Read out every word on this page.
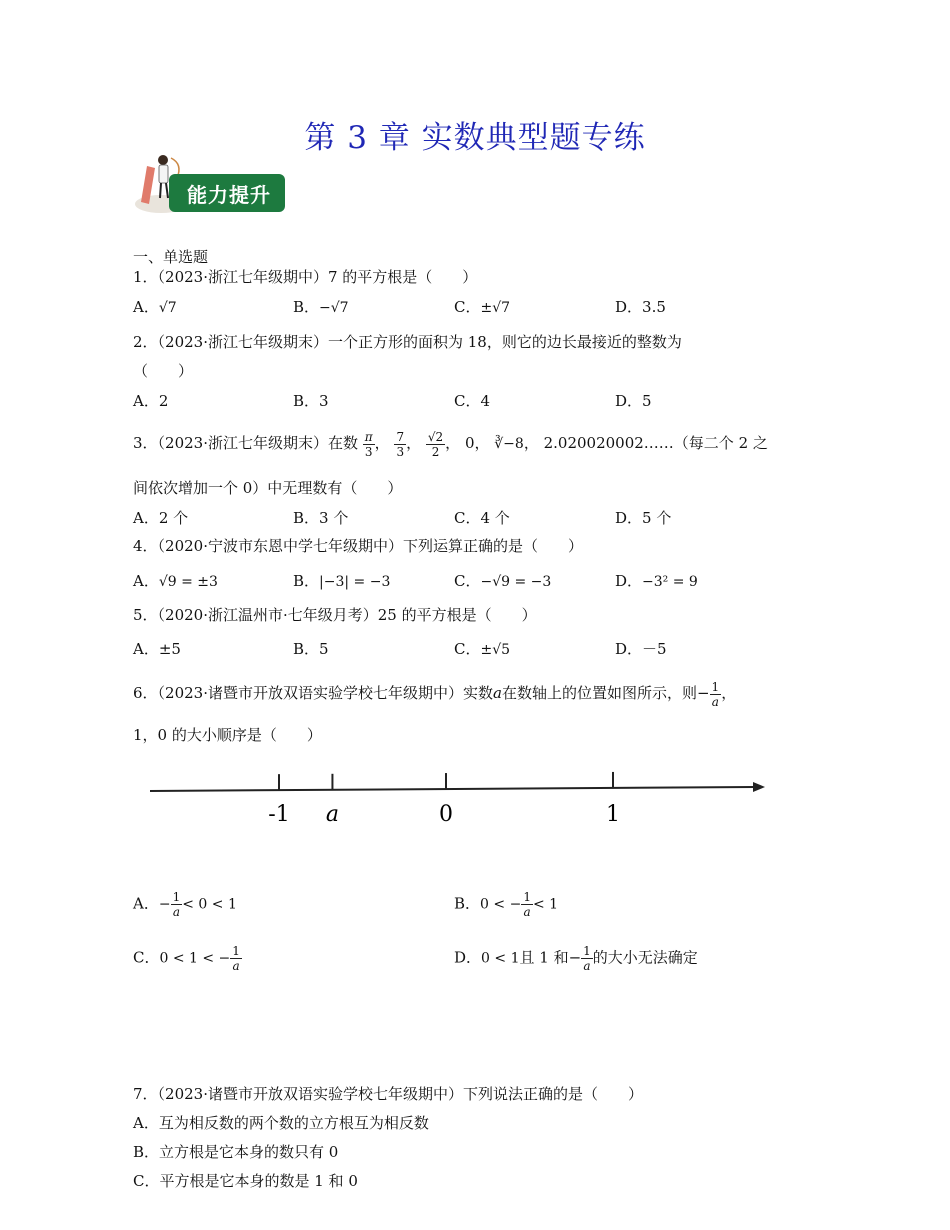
第 3 章 实数典型题专练
能力提升
一、单选题
1．（2023·浙江七年级期中）7 的平方根是（　　）
A．√7	B．−√7	C．±√7	D．3.5
2．（2023·浙江七年级期末）一个正方形的面积为 18，则它的边长最接近的整数为
（　　）
A．2	B．3	C．4	D．5
3．（2023·浙江七年级期末）在数 $\frac{\pi}{3}$ ， $\frac{7}{3}$ ， $\frac{√2}{2}$ ， 0， ∛−8， 2.020020002……（每二个 2 之
间依次增加一个 0）中无理数有（　　）
A．2 个	B．3 个	C．4 个	D．5 个
4．（2020·宁波市东恩中学七年级期中）下列运算正确的是（　　）
A．√9 = ±3	B．|−3| = −3	C．−√9 = −3	D．−3² = 9
5．（2020·浙江温州市·七年级月考）25 的平方根是（　　）
A．±5	B．5	C．±√5	D．－5
6．（2023·诸暨市开放双语实验学校七年级期中）实数a在数轴上的位置如图所示，则− $\frac{1}{a}$ ，
1，0 的大小顺序是（　　）
-1 a	0	1
A．− $\frac{1}{a} < 0 < 1$	B．0 < − $\frac{1}{a} < 1$
C．0 < 1 < − $\frac{1}{a}$	D．0 < 1且 1 和− $\frac{1}{a}$ 的大小无法确定
7．（2023·诸暨市开放双语实验学校七年级期中）下列说法正确的是（　　）
A．互为相反数的两个数的立方根互为相反数
B．立方根是它本身的数只有 0
C．平方根是它本身的数是 1 和 0
